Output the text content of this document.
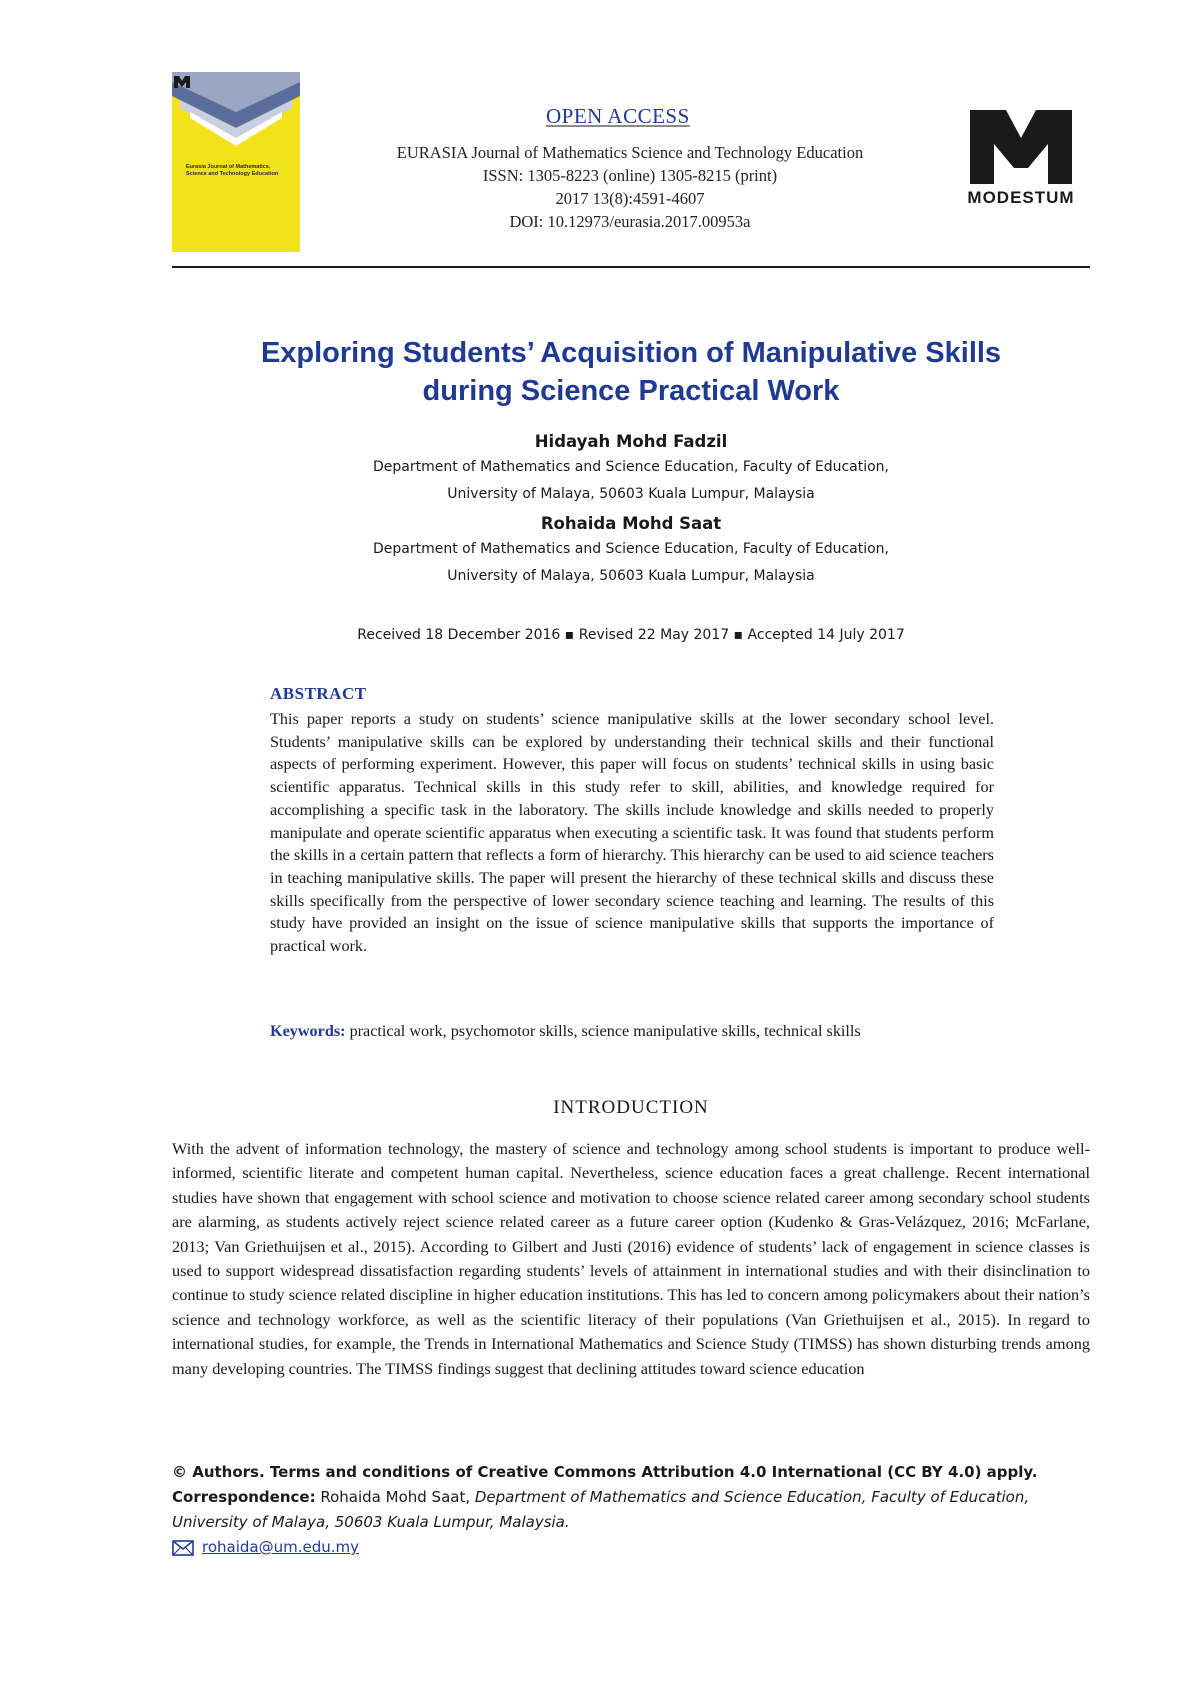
Eurasia Journal of Mathematics, Science and Technology Education
OPEN ACCESS
EURASIA Journal of Mathematics Science and Technology Education
ISSN: 1305-8223 (online) 1305-8215 (print)
2017 13(8):4591-4607
DOI: 10.12973/eurasia.2017.00953a
MODESTUM
Exploring Students’ Acquisition of Manipulative Skills
during Science Practical Work
Hidayah Mohd Fadzil
Department of Mathematics and Science Education, Faculty of Education,
University of Malaya, 50603 Kuala Lumpur, Malaysia
Rohaida Mohd Saat
Department of Mathematics and Science Education, Faculty of Education,
University of Malaya, 50603 Kuala Lumpur, Malaysia
Received 18 December 2016 ▪ Revised 22 May 2017 ▪ Accepted 14 July 2017
ABSTRACT
This paper reports a study on students’ science manipulative skills at the lower secondary school level. Students’ manipulative skills can be explored by understanding their technical skills and their functional aspects of performing experiment. However, this paper will focus on students’ technical skills in using basic scientific apparatus. Technical skills in this study refer to skill, abilities, and knowledge required for accomplishing a specific task in the laboratory. The skills include knowledge and skills needed to properly manipulate and operate scientific apparatus when executing a scientific task. It was found that students perform the skills in a certain pattern that reflects a form of hierarchy. This hierarchy can be used to aid science teachers in teaching manipulative skills. The paper will present the hierarchy of these technical skills and discuss these skills specifically from the perspective of lower secondary science teaching and learning. The results of this study have provided an insight on the issue of science manipulative skills that supports the importance of practical work.
Keywords: practical work, psychomotor skills, science manipulative skills, technical skills
INTRODUCTION
With the advent of information technology, the mastery of science and technology among school students is important to produce well-informed, scientific literate and competent human capital. Nevertheless, science education faces a great challenge. Recent international studies have shown that engagement with school science and motivation to choose science related career among secondary school students are alarming, as students actively reject science related career as a future career option (Kudenko & Gras-Velázquez, 2016; McFarlane, 2013; Van Griethuijsen et al., 2015). According to Gilbert and Justi (2016) evidence of students’ lack of engagement in science classes is used to support widespread dissatisfaction regarding students’ levels of attainment in international studies and with their disinclination to continue to study science related discipline in higher education institutions. This has led to concern among policymakers about their nation’s science and technology workforce, as well as the scientific literacy of their populations (Van Griethuijsen et al., 2015). In regard to international studies, for example, the Trends in International Mathematics and Science Study (TIMSS) has shown disturbing trends among many developing countries. The TIMSS findings suggest that declining attitudes toward science education
© Authors. Terms and conditions of Creative Commons Attribution 4.0 International (CC BY 4.0) apply.
Correspondence: Rohaida Mohd Saat, Department of Mathematics and Science Education, Faculty of Education,
University of Malaya, 50603 Kuala Lumpur, Malaysia.
rohaida@um.edu.my
